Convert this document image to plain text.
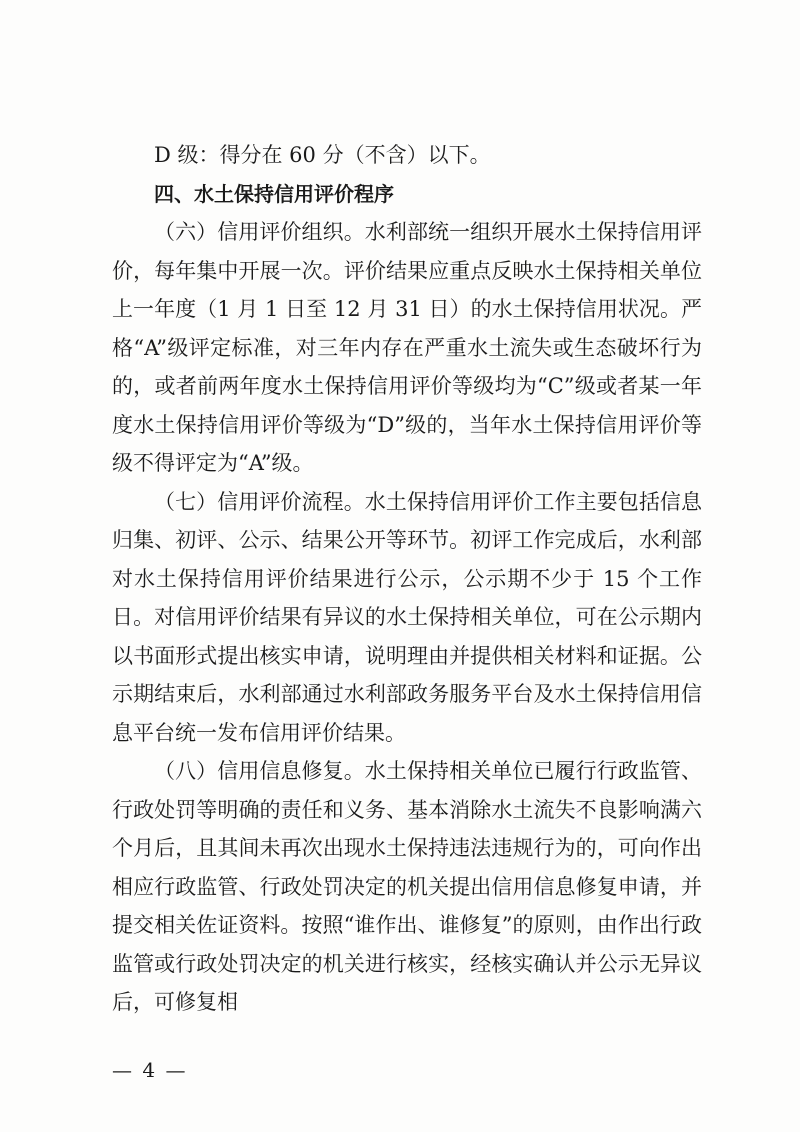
D 级：得分在 60 分（不含）以下。

四、水土保持信用评价程序

（六）信用评价组织。水利部统一组织开展水土保持信用评价，每年集中开展一次。评价结果应重点反映水土保持相关单位上一年度（1 月 1 日至 12 月 31 日）的水土保持信用状况。严格“A”级评定标准，对三年内存在严重水土流失或生态破坏行为的，或者前两年度水土保持信用评价等级均为“C”级或者某一年度水土保持信用评价等级为“D”级的，当年水土保持信用评价等级不得评定为“A”级。

（七）信用评价流程。水土保持信用评价工作主要包括信息归集、初评、公示、结果公开等环节。初评工作完成后，水利部对水土保持信用评价结果进行公示，公示期不少于 15 个工作日。对信用评价结果有异议的水土保持相关单位，可在公示期内以书面形式提出核实申请，说明理由并提供相关材料和证据。公示期结束后，水利部通过水利部政务服务平台及水土保持信用信息平台统一发布信用评价结果。

（八）信用信息修复。水土保持相关单位已履行行政监管、行政处罚等明确的责任和义务、基本消除水土流失不良影响满六个月后，且其间未再次出现水土保持违法违规行为的，可向作出相应行政监管、行政处罚决定的机关提出信用信息修复申请，并提交相关佐证资料。按照“谁作出、谁修复”的原则，由作出行政监管或行政处罚决定的机关进行核实，经核实确认并公示无异议后，可修复相

— 4 —
